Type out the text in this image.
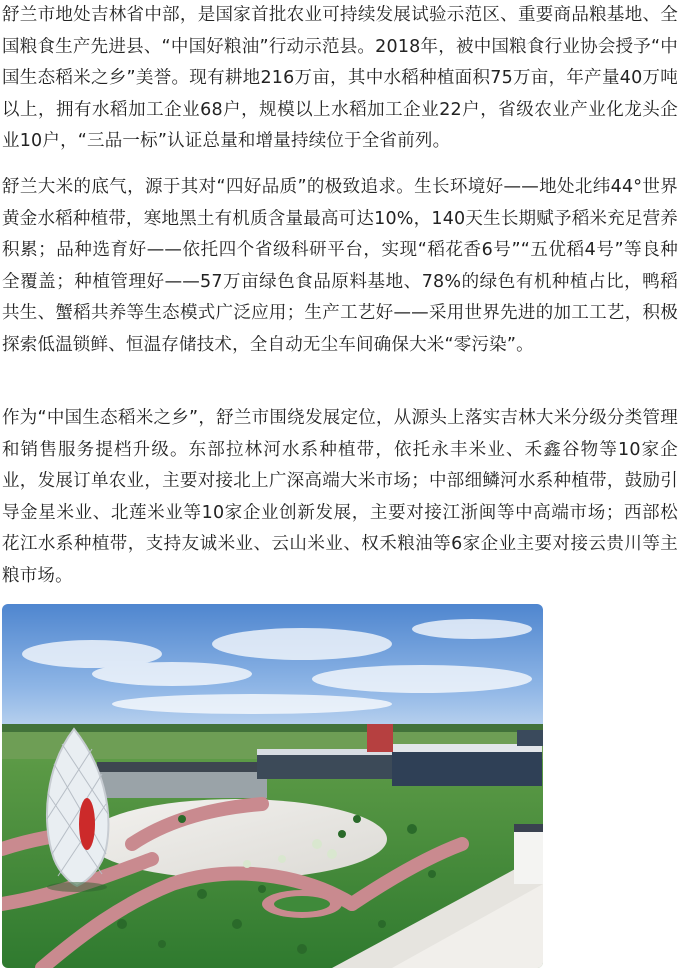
舒兰市地处吉林省中部，是国家首批农业可持续发展试验示范区、重要商品粮基地、全国粮食生产先进县、“中国好粮油”行动示范县。2018年，被中国粮食行业协会授予“中国生态稻米之乡”美誉。现有耕地216万亩，其中水稻种植面积75万亩，年产量40万吨以上，拥有水稻加工企业68户，规模以上水稻加工企业22户，省级农业产业化龙头企业10户，“三品一标”认证总量和增量持续位于全省前列。

舒兰大米的底气，源于其对“四好品质”的极致追求。生长环境好——地处北纬44°世界黄金水稻种植带，寒地黑土有机质含量最高可达10%，140天生长期赋予稻米充足营养积累；品种选育好——依托四个省级科研平台，实现“稻花香6号”“五优稻4号”等良种全覆盖；种植管理好——57万亩绿色食品原料基地、78%的绿色有机种植占比，鸭稻共生、蟹稻共养等生态模式广泛应用；生产工艺好——采用世界先进的加工工艺，积极探索低温锁鲜、恒温存储技术，全自动无尘车间确保大米“零污染”。

作为“中国生态稻米之乡”，舒兰市围绕发展定位，从源头上落实吉林大米分级分类管理和销售服务提档升级。东部拉林河水系种植带，依托永丰米业、禾鑫谷物等10家企业，发展订单农业，主要对接北上广深高端大米市场；中部细鳞河水系种植带，鼓励引导金星米业、北莲米业等10家企业创新发展，主要对接江浙闽等中高端市场；西部松花江水系种植带，支持友诚米业、云山米业、权禾粮油等6家企业主要对接云贵川等主粮市场。
